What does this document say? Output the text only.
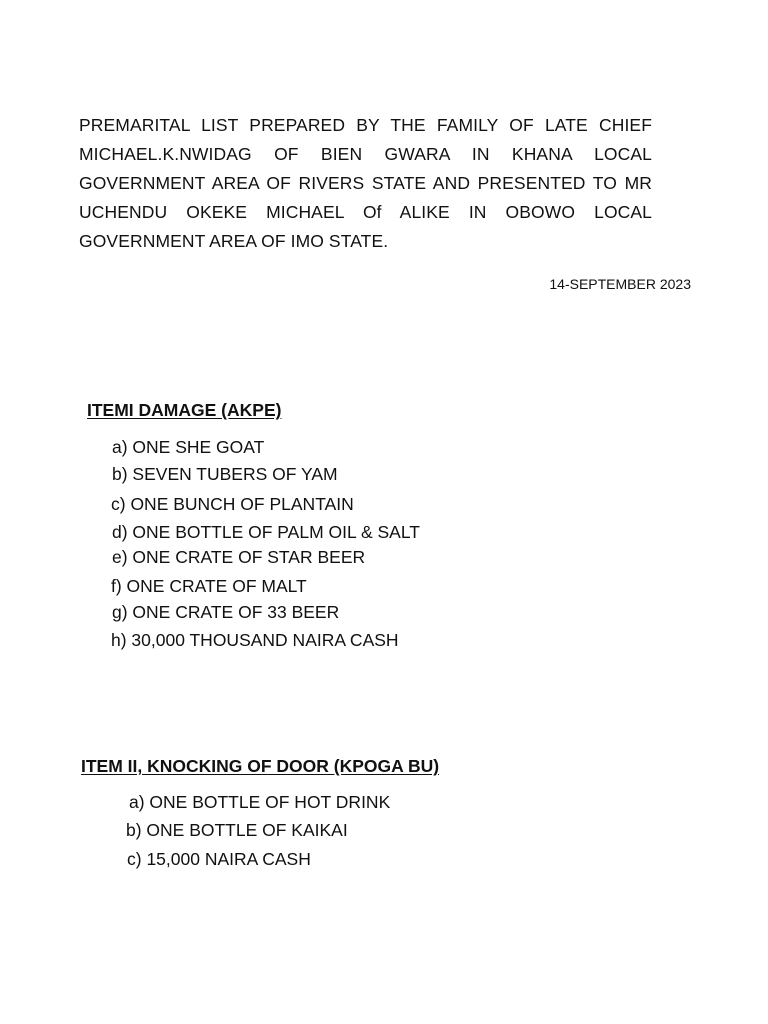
PREMARITAL LIST PREPARED BY THE FAMILY OF LATE CHIEF MICHAEL.K.NWIDAG OF BIEN GWARA IN KHANA LOCAL GOVERNMENT AREA OF RIVERS STATE AND PRESENTED TO MR UCHENDU OKEKE MICHAEL Of ALIKE IN OBOWO LOCAL GOVERNMENT AREA OF IMO STATE.

14-SEPTEMBER 2023
ITEMI DAMAGE (AKPE)
a) ONE SHE GOAT
b) SEVEN TUBERS OF YAM
c) ONE BUNCH OF PLANTAIN
d) ONE BOTTLE OF PALM OIL & SALT
e) ONE CRATE OF STAR BEER
f) ONE CRATE OF MALT
g) ONE CRATE OF 33 BEER
h) 30,000 THOUSAND NAIRA CASH
ITEM II, KNOCKING OF DOOR (KPOGA BU)
a) ONE BOTTLE OF HOT DRINK
b) ONE BOTTLE OF KAIKAI
c) 15,000 NAIRA CASH
